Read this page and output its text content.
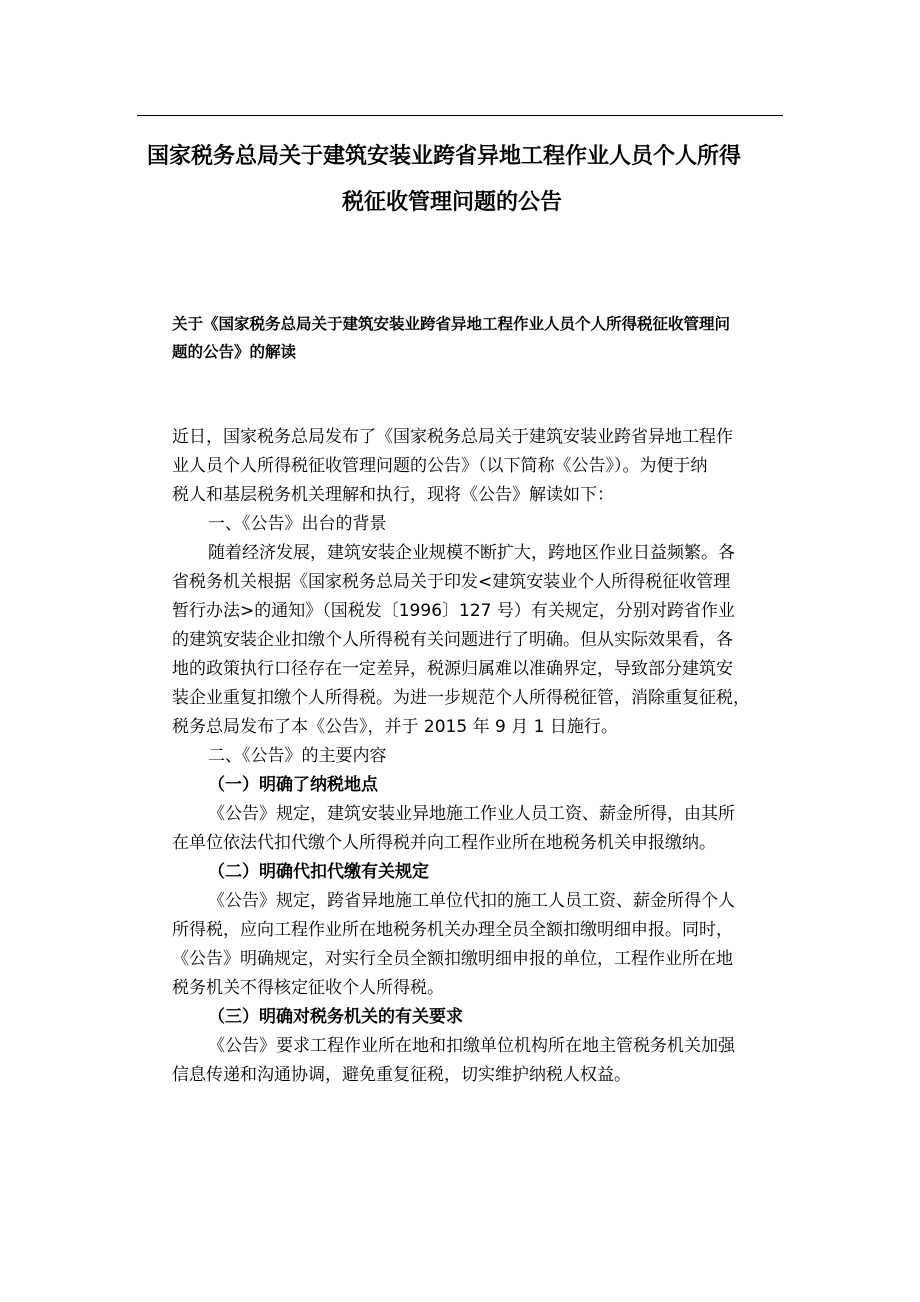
国家税务总局关于建筑安装业跨省异地工程作业人员个人所得
税征收管理问题的公告
关于《国家税务总局关于建筑安装业跨省异地工程作业人员个人所得税征收管理问
题的公告》的解读
近日，国家税务总局发布了《国家税务总局关于建筑安装业跨省异地工程作
业人员个人所得税征收管理问题的公告》（以下简称《公告》）。为便于纳
税人和基层税务机关理解和执行，现将《公告》解读如下：
一、《公告》出台的背景
随着经济发展，建筑安装企业规模不断扩大，跨地区作业日益频繁。各
省税务机关根据《国家税务总局关于印发<建筑安装业个人所得税征收管理
暂行办法>的通知》（国税发〔1996〕127 号）有关规定，分别对跨省作业
的建筑安装企业扣缴个人所得税有关问题进行了明确。但从实际效果看，各
地的政策执行口径存在一定差异，税源归属难以准确界定，导致部分建筑安
装企业重复扣缴个人所得税。为进一步规范个人所得税征管，消除重复征税，
税务总局发布了本《公告》，并于 2015 年 9 月 1 日施行。
二、《公告》的主要内容
（一）明确了纳税地点
《公告》规定，建筑安装业异地施工作业人员工资、薪金所得，由其所
在单位依法代扣代缴个人所得税并向工程作业所在地税务机关申报缴纳。
（二）明确代扣代缴有关规定
《公告》规定，跨省异地施工单位代扣的施工人员工资、薪金所得个人
所得税，应向工程作业所在地税务机关办理全员全额扣缴明细申报。同时，
《公告》明确规定，对实行全员全额扣缴明细申报的单位，工程作业所在地
税务机关不得核定征收个人所得税。
（三）明确对税务机关的有关要求
《公告》要求工程作业所在地和扣缴单位机构所在地主管税务机关加强
信息传递和沟通协调，避免重复征税，切实维护纳税人权益。
